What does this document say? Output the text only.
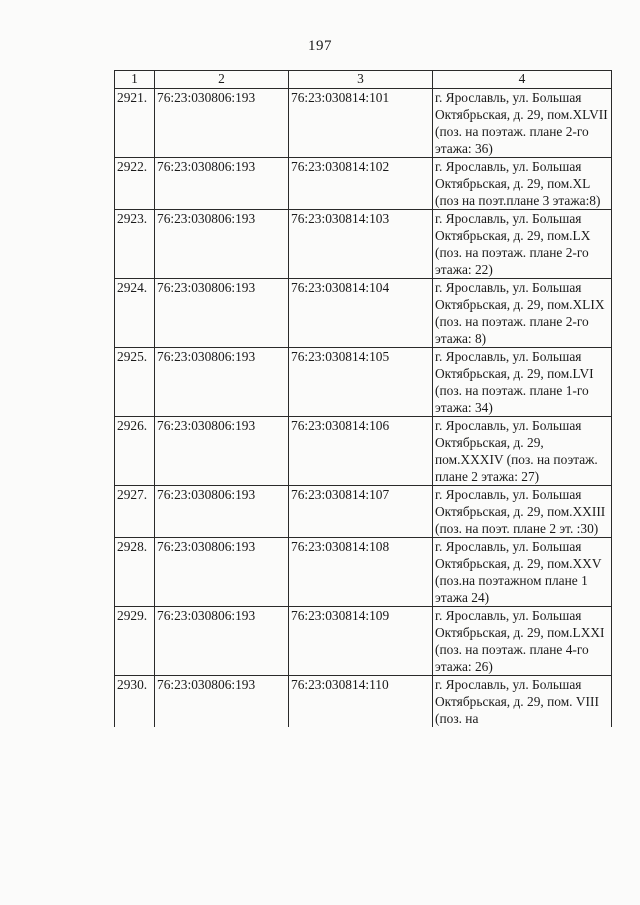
197
1	2	3	4
2921.	76:23:030806:193	76:23:030814:101	г. Ярославль, ул. Большая Октябрьская, д. 29, пом.XLVII (поз. на поэтаж. плане 2-го этажа: 36)
2922.	76:23:030806:193	76:23:030814:102	г. Ярославль, ул. Большая Октябрьская, д. 29, пом.XL (поз на поэт.плане 3 этажа:8)
2923.	76:23:030806:193	76:23:030814:103	г. Ярославль, ул. Большая Октябрьская, д. 29, пом.LX (поз. на поэтаж. плане 2-го этажа: 22)
2924.	76:23:030806:193	76:23:030814:104	г. Ярославль, ул. Большая Октябрьская, д. 29, пом.XLIX (поз. на поэтаж. плане 2-го этажа: 8)
2925.	76:23:030806:193	76:23:030814:105	г. Ярославль, ул. Большая Октябрьская, д. 29, пом.LVI (поз. на поэтаж. плане 1-го этажа: 34)
2926.	76:23:030806:193	76:23:030814:106	г. Ярославль, ул. Большая Октябрьская, д. 29, пом.XXXIV (поз. на поэтаж. плане 2 этажа: 27)
2927.	76:23:030806:193	76:23:030814:107	г. Ярославль, ул. Большая Октябрьская, д. 29, пом.XXIII (поз. на поэт. плане 2 эт. :30)
2928.	76:23:030806:193	76:23:030814:108	г. Ярославль, ул. Большая Октябрьская, д. 29, пом.XXV (поз.на поэтажном плане 1 этажа 24)
2929.	76:23:030806:193	76:23:030814:109	г. Ярославль, ул. Большая Октябрьская, д. 29, пом.LXXI (поз. на поэтаж. плане 4-го этажа: 26)
2930.	76:23:030806:193	76:23:030814:110	г. Ярославль, ул. Большая Октябрьская, д. 29, пом. VIII (поз. на
